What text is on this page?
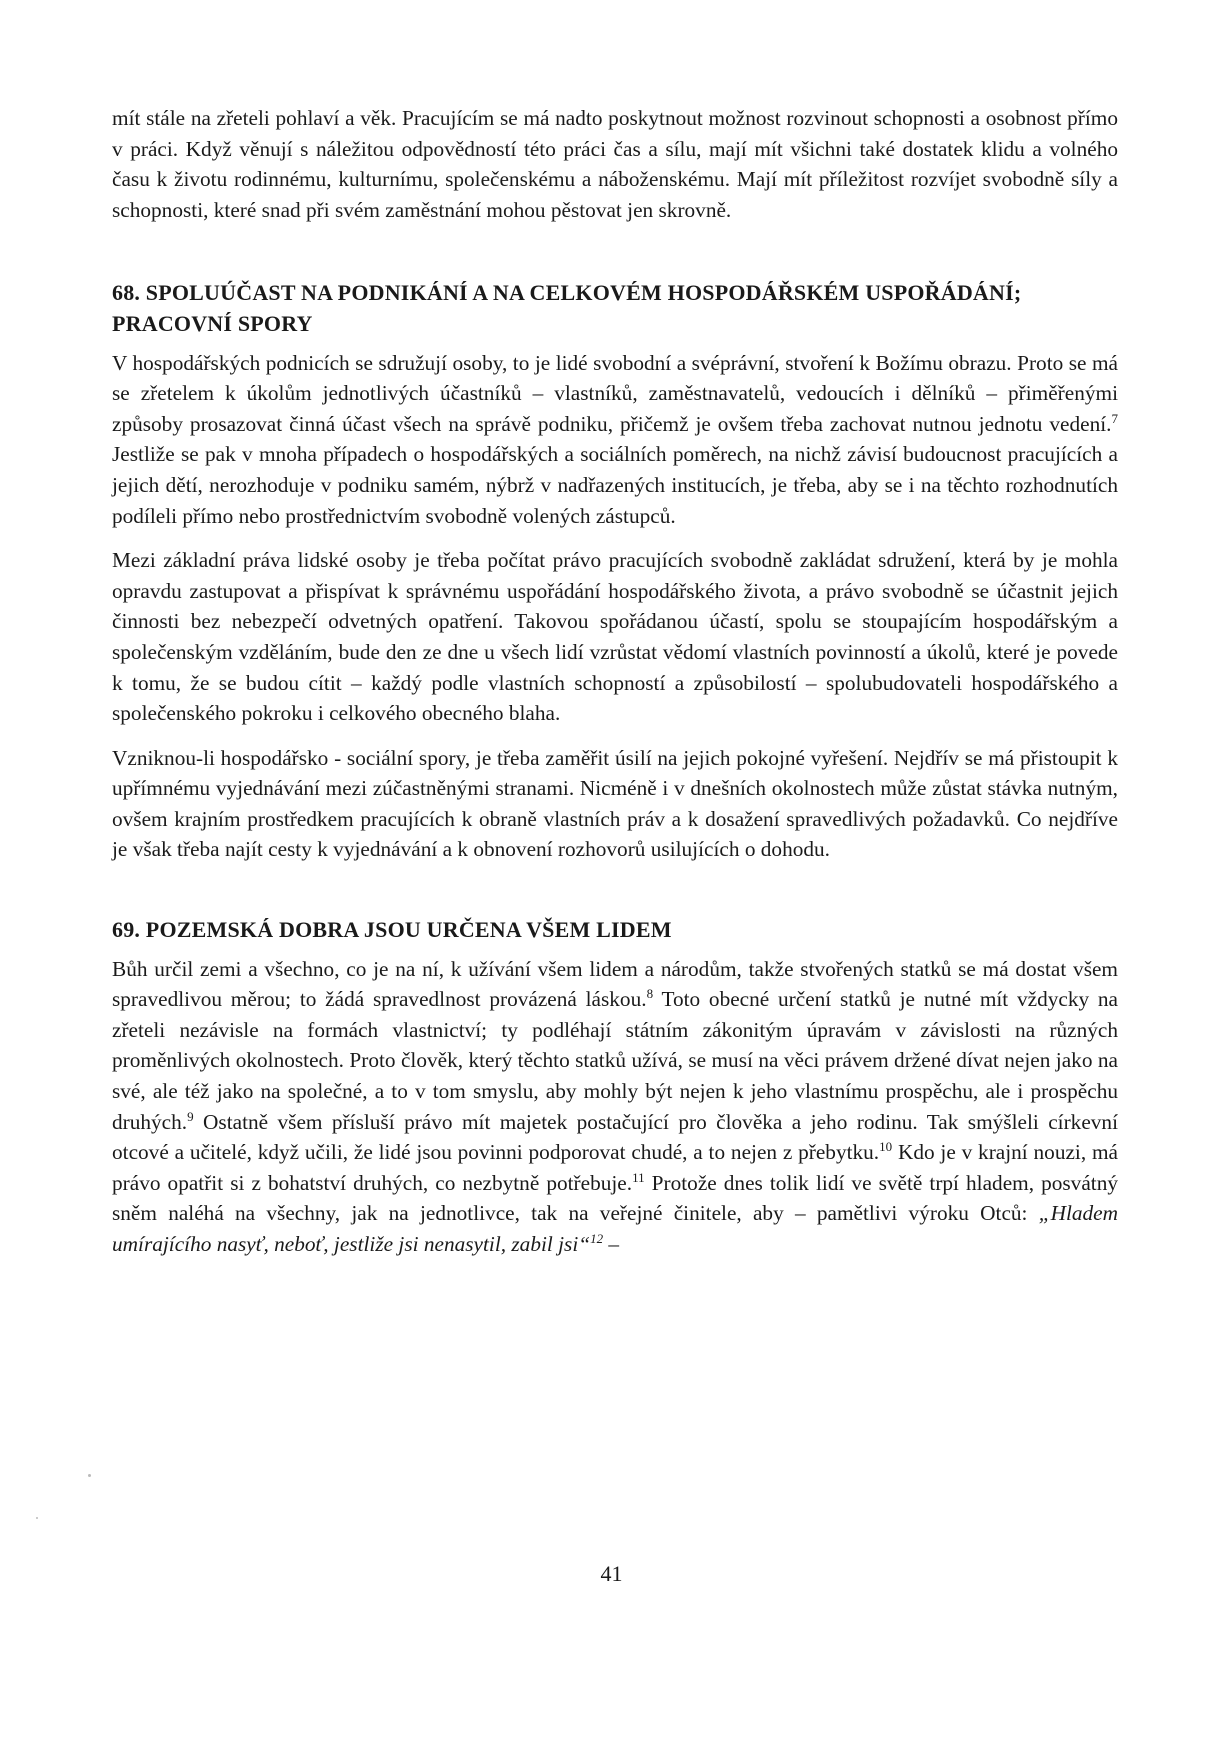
mít stále na zřeteli pohlaví a věk. Pracujícím se má nadto poskytnout možnost rozvinout schopnosti a osobnost přímo v práci. Když věnují s náležitou odpovědností této práci čas a sílu, mají mít všichni také dostatek klidu a volného času k životu rodinnému, kulturnímu, společenskému a náboženskému. Mají mít příležitost rozvíjet svobodně síly a schopnosti, které snad při svém zaměstnání mohou pěstovat jen skrovně.

68. SPOLUÚČAST NA PODNIKÁNÍ A NA CELKOVÉM HOSPODÁŘSKÉM USPOŘÁDÁNÍ; PRACOVNÍ SPORY

V hospodářských podnicích se sdružují osoby, to je lidé svobodní a svéprávní, stvoření k Božímu obrazu. Proto se má se zřetelem k úkolům jednotlivých účastníků – vlastníků, zaměstnavatelů, vedoucích i dělníků – přiměřenými způsoby prosazovat činná účast všech na správě podniku, přičemž je ovšem třeba zachovat nutnou jednotu vedení.$^7$ Jestliže se pak v mnoha případech o hospodářských a sociálních poměrech, na nichž závisí budoucnost pracujících a jejich dětí, nerozhoduje v podniku samém, nýbrž v nadřazených institucích, je třeba, aby se i na těchto rozhodnutích podíleli přímo nebo prostřednictvím svobodně volených zástupců.

Mezi základní práva lidské osoby je třeba počítat právo pracujících svobodně zakládat sdružení, která by je mohla opravdu zastupovat a přispívat k správnému uspořádání hospodářského života, a právo svobodně se účastnit jejich činnosti bez nebezpečí odvetných opatření. Takovou spořádanou účastí, spolu se stoupajícím hospodářským a společenským vzděláním, bude den ze dne u všech lidí vzrůstat vědomí vlastních povinností a úkolů, které je povede k tomu, že se budou cítit – každý podle vlastních schopností a způsobilostí – spolubudovateli hospodářského a společenského pokroku i celkového obecného blaha.

Vzniknou-li hospodářsko - sociální spory, je třeba zaměřit úsilí na jejich pokojné vyřešení. Nejdřív se má přistoupit k upřímnému vyjednávání mezi zúčastněnými stranami. Nicméně i v dnešních okolnostech může zůstat stávka nutným, ovšem krajním prostředkem pracujících k obraně vlastních práv a k dosažení spravedlivých požadavků. Co nejdříve je však třeba najít cesty k vyjednávání a k obnovení rozhovorů usilujících o dohodu.

69. POZEMSKÁ DOBRA JSOU URČENA VŠEM LIDEM

Bůh určil zemi a všechno, co je na ní, k užívání všem lidem a národům, takže stvořených statků se má dostat všem spravedlivou měrou; to žádá spravedlnost provázená láskou.$^8$ Toto obecné určení statků je nutné mít vždycky na zřeteli nezávisle na formách vlastnictví; ty podléhají státním zákonitým úpravám v závislosti na různých proměnlivých okolnostech. Proto člověk, který těchto statků užívá, se musí na věci právem držené dívat nejen jako na své, ale též jako na společné, a to v tom smyslu, aby mohly být nejen k jeho vlastnímu prospěchu, ale i prospěchu druhých.$^9$ Ostatně všem přísluší právo mít majetek postačující pro člověka a jeho rodinu. Tak smýšleli církevní otcové a učitelé, když učili, že lidé jsou povinni podporovat chudé, a to nejen z přebytku.$^{10}$ Kdo je v krajní nouzi, má právo opatřit si z bohatství druhých, co nezbytně potřebuje.$^{11}$ Protože dnes tolik lidí ve světě trpí hladem, posvátný sněm naléhá na všechny, jak na jednotlivce, tak na veřejné činitele, aby – pamětlivi výroku Otců: „Hladem umírajícího nasyť, neboť, jestliže jsi nenasytil, zabil jsi“$^{12}$ –

41
